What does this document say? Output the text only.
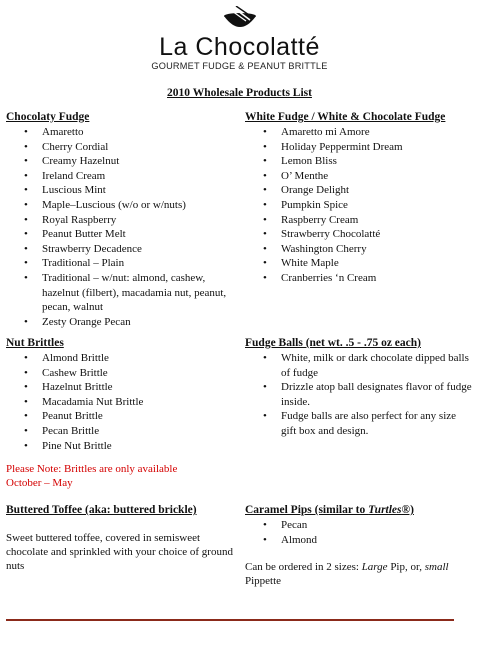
La Chocolatté
GOURMET FUDGE & PEANUT BRITTLE
2010 Wholesale Products List
Chocolaty Fudge
• Amaretto
• Cherry Cordial
• Creamy Hazelnut
• Ireland Cream
• Luscious Mint
• Maple–Luscious (w/o or w/nuts)
• Royal Raspberry
• Peanut Butter Melt
• Strawberry Decadence
• Traditional – Plain
• Traditional – w/nut: almond, cashew, hazelnut (filbert), macadamia nut, peanut, pecan, walnut
• Zesty Orange Pecan
White Fudge / White & Chocolate Fudge
• Amaretto mi Amore
• Holiday Peppermint Dream
• Lemon Bliss
• O’ Menthe
• Orange Delight
• Pumpkin Spice
• Raspberry Cream
• Strawberry Chocolatté
• Washington Cherry
• White Maple
• Cranberries ‘n Cream
Nut Brittles
• Almond Brittle
• Cashew Brittle
• Hazelnut Brittle
• Macadamia Nut Brittle
• Peanut Brittle
• Pecan Brittle
• Pine Nut Brittle

Please Note: Brittles are only available October – May

Fudge Balls (net wt. .5 - .75 oz each)
• White, milk or dark chocolate dipped balls of fudge
• Drizzle atop ball designates flavor of fudge inside.
• Fudge balls are also perfect for any size gift box and design.
Buttered Toffee (aka: buttered brickle)

Sweet buttered toffee, covered in semisweet chocolate and sprinkled with your choice of ground nuts

Caramel Pips (similar to Turtles®)
• Pecan
• Almond

Can be ordered in 2 sizes: Large Pip, or, small Pippette
